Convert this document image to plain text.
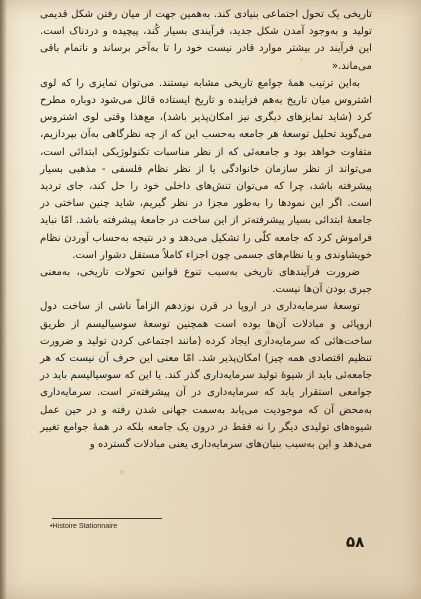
تاریخی یک تحول اجتماعی بنیادی کند. به‌همین جهت از میان رفتن شکل قدیمی تولید و به‌وجود آمدن شکل جدید، فرآیندی بسیار کُند، پیچیده و دردناک است. این فرآیند در بیشتر موارد قادر نیست خود را تا به‌آخر برساند و ناتمام باقی می‌ماند.«

به‌این ترتیب همهٔ جوامع تاریخی مشابه نیستند. می‌توان تمایزی را که لوی اشتروس میان تاریخ به‌هم فزاینده و تاریخ ایستاده قائل می‌شود دوباره مطرح کرد (شاید تمایزهای دیگری نیز امکان‌پذیر باشد)، مع‌هذا وقتی لوی اشتروس می‌گوید تحلیل توسعهٔ هر جامعه به‌حسب این که از چه نظرگاهی به‌آن بپردازیم، متفاوت خواهد بود و جامعه‌ئی که از نظر مناسبات تکنولوژیکی ابتدائی است، می‌تواند از نظر سازمان خانوادگی یا از نظر نظام فلسفی - مذهبی بسیار پیشرفته باشد، چرا که می‌توان تنش‌های داخلی خود را حل کند، جای تردید است. اگر این نمودها را به‌طور مجزا در نظر گیریم، شاید چنین ساختی در جامعهٔ ابتدائی بسیار پیشرفته‌تر از این ساخت در جامعهٔ پیشرفته باشد. امّا نباید فراموش کرد که جامعه کلّی را تشکیل می‌دهد و در نتیجه به‌حساب آوردن نظام خویشاوندی و یا نظام‌های جسمی چون اجزاء کاملاً مستقل دشوار است.

ضرورت فرآیندهای تاریخی به‌سبب تنوع قوانین تحولات تاریخی، به‌معنی جبری بودن آن‌ها نیست.

توسعهٔ سرمایه‌داری در اروپا در قرن نوزدهم الزاماً ناشی از ساخت دول اروپائی و مبادلات آن‌ها بوده است همچنین توسعهٔ سوسیالیسم از طریق ساخت‌هائی که سرمایه‌داری ایجاد کرده (مانند اجتماعی کردن تولید و ضرورت تنظیم اقتصادی همه چیز) امکان‌پذیر شد. امّا معنی این حرف آن نیست که هر جامعه‌ئی باید از شیوهٔ تولید سرمایه‌داری گذر کند. یا این که سوسیالیسم باید در جوامعی استقرار یابد که سرمایه‌داری در آن پیشرفته‌تر است. سرمایه‌داری به‌محض آن که موجودیت می‌یابد به‌سمت جهانی شدن رفته‌ و در حین عمل شیوه‌های تولیدی دیگر را نه فقط در درون یک جامعه بلکه در همهٔ جوامع تغییر می‌دهد و این به‌سبب بنیان‌های سرمایه‌داری یعنی مبادلات گسترده و

•Histoire Stationnaire
۵۸
